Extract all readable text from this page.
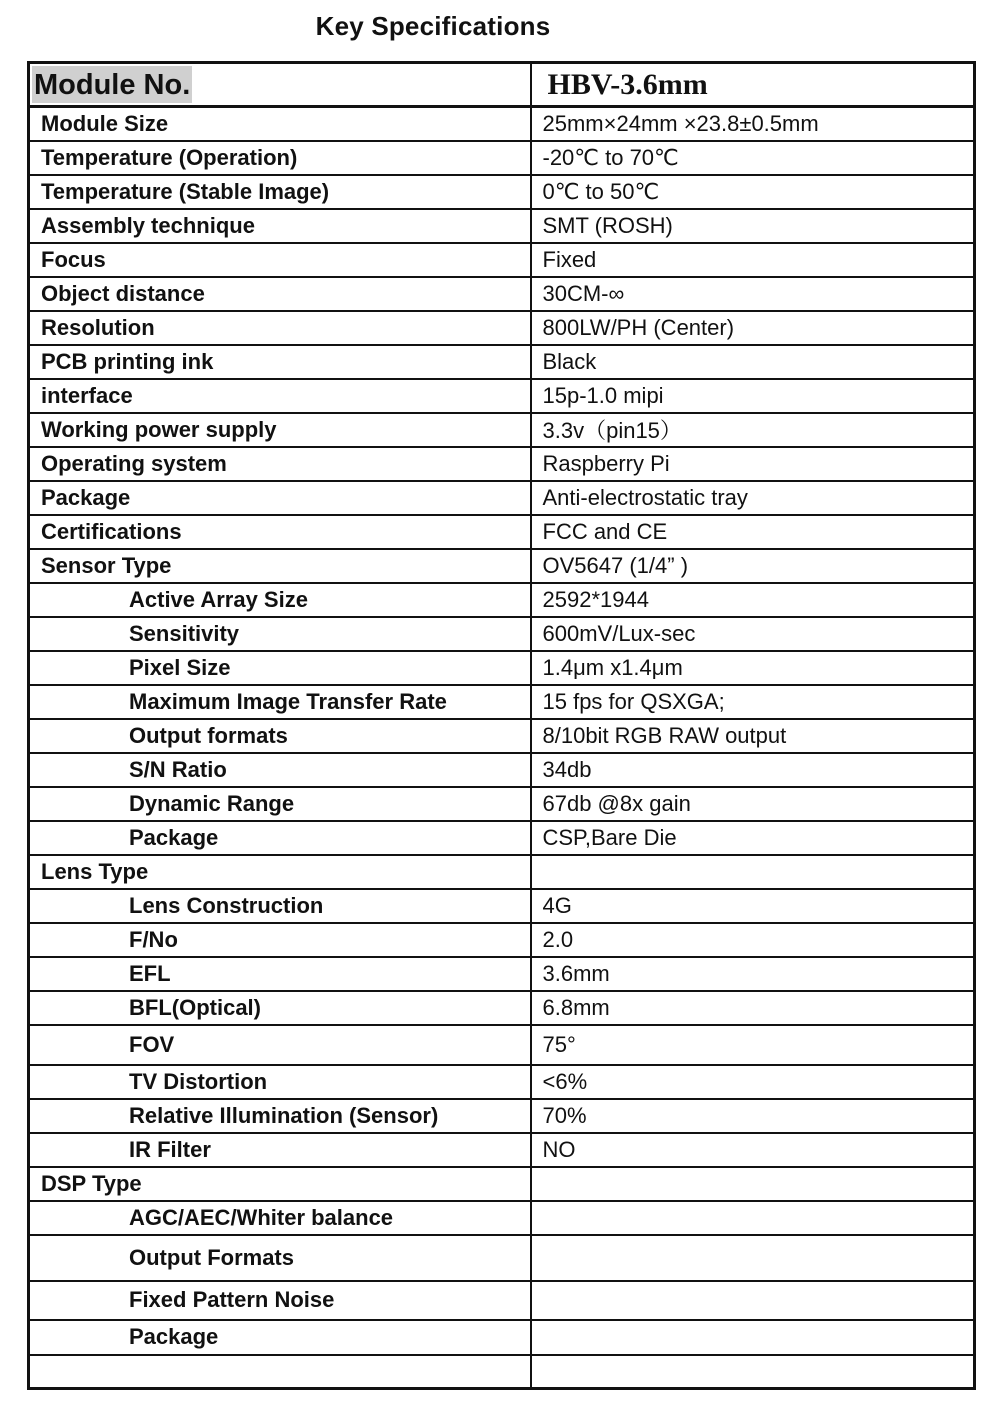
Key Specifications
Module No.	HBV-3.6mm
Module Size	25mm×24mm ×23.8±0.5mm
Temperature (Operation)	-20℃ to 70℃
Temperature (Stable Image)	0℃ to 50℃
Assembly technique	SMT (ROSH)
Focus	Fixed
Object distance	30CM-∞
Resolution	800LW/PH (Center)
PCB printing ink	Black
interface	15p-1.0 mipi
Working power supply	3.3v（pin15）
Operating system	Raspberry Pi
Package	Anti-electrostatic tray
Certifications	FCC and CE
Sensor Type	OV5647 (1/4” )
Active Array Size	2592*1944
Sensitivity	600mV/Lux-sec
Pixel Size	1.4μm x1.4μm
Maximum Image Transfer Rate	15 fps for QSXGA;
Output formats	8/10bit RGB RAW output
S/N Ratio	34db
Dynamic Range	67db @8x gain
Package	CSP,Bare Die
Lens Type	
Lens Construction	4G
F/No	2.0
EFL	3.6mm
BFL(Optical)	6.8mm
FOV	75°
TV Distortion	<6%
Relative Illumination (Sensor)	70%
IR Filter	NO
DSP Type	
AGC/AEC/Whiter balance	
Output Formats	
Fixed Pattern Noise	
Package	
